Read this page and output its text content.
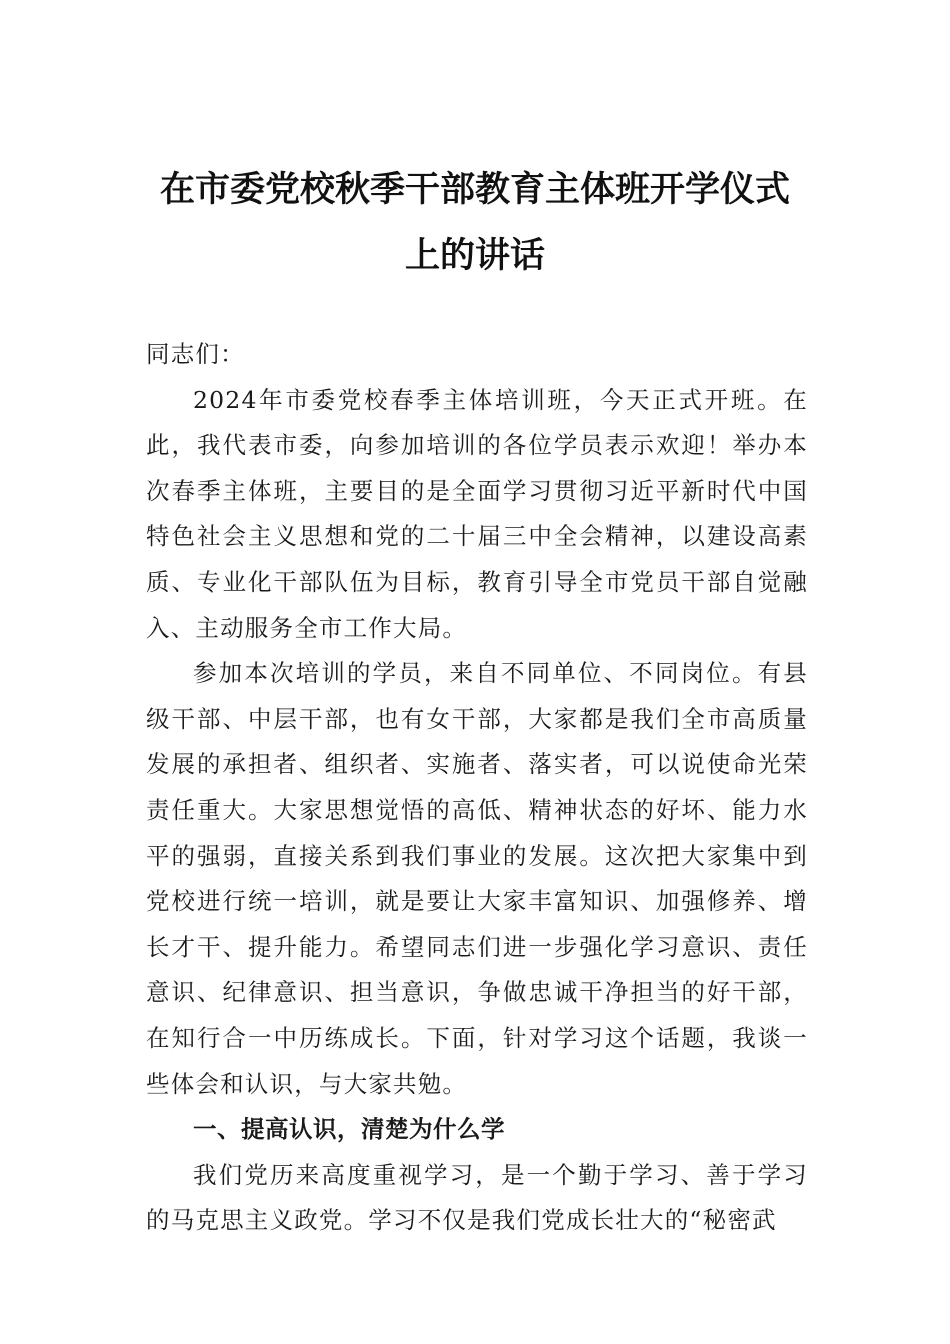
在市委党校秋季干部教育主体班开学仪式
上的讲话

同志们：

2024年市委党校春季主体培训班，今天正式开班。在此，我代表市委，向参加培训的各位学员表示欢迎！举办本次春季主体班，主要目的是全面学习贯彻习近平新时代中国特色社会主义思想和党的二十届三中全会精神，以建设高素质、专业化干部队伍为目标，教育引导全市党员干部自觉融入、主动服务全市工作大局。

参加本次培训的学员，来自不同单位、不同岗位。有县级干部、中层干部，也有女干部，大家都是我们全市高质量发展的承担者、组织者、实施者、落实者，可以说使命光荣责任重大。大家思想觉悟的高低、精神状态的好坏、能力水平的强弱，直接关系到我们事业的发展。这次把大家集中到党校进行统一培训，就是要让大家丰富知识、加强修养、增长才干、提升能力。希望同志们进一步强化学习意识、责任意识、纪律意识、担当意识，争做忠诚干净担当的好干部，在知行合一中历练成长。下面，针对学习这个话题，我谈一些体会和认识，与大家共勉。

一、提高认识，清楚为什么学

我们党历来高度重视学习，是一个勤于学习、善于学习的马克思主义政党。学习不仅是我们党成长壮大的“秘密武
